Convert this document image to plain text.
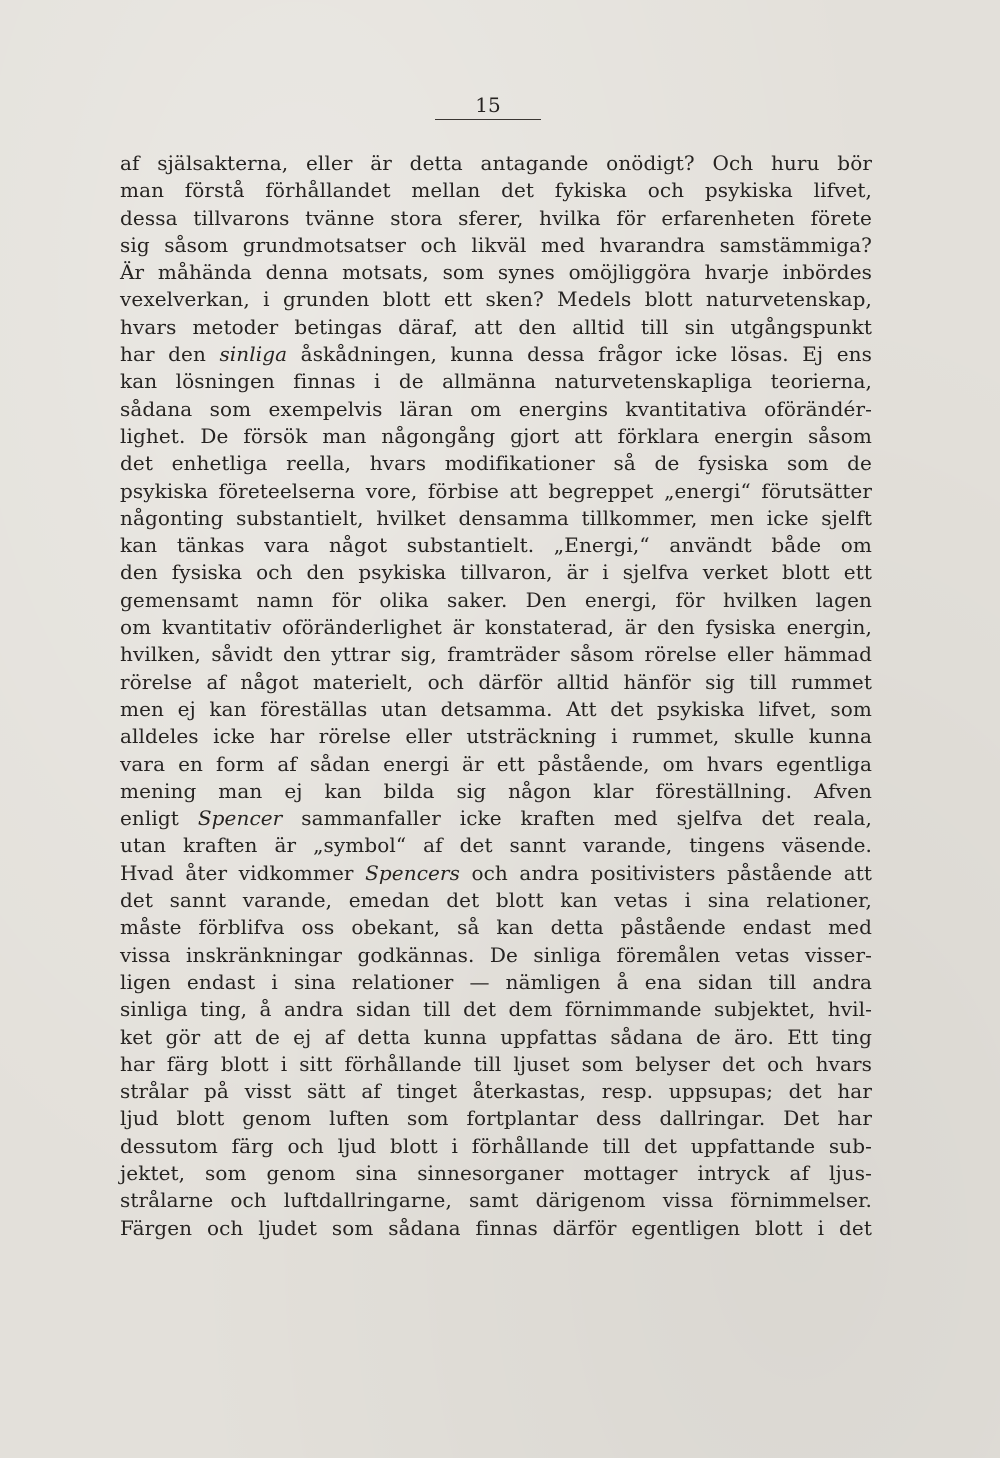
15
af själsakterna, eller är detta antagande onödigt? Och huru bör
man förstå förhållandet mellan det fykiska och psykiska lifvet,
dessa tillvarons tvänne stora sferer, hvilka för erfarenheten förete
sig såsom grundmotsatser och likväl med hvarandra samstämmiga?
Är måhända denna motsats, som synes omöjliggöra hvarje inbördes
vexelverkan, i grunden blott ett sken? Medels blott naturvetenskap,
hvars metoder betingas däraf, att den alltid till sin utgångspunkt
har den sinliga åskådningen, kunna dessa frågor icke lösas. Ej ens
kan lösningen finnas i de allmänna naturvetenskapliga teorierna,
sådana som exempelvis läran om energins kvantitativa oförändér-
lighet. De försök man någongång gjort att förklara energin såsom
det enhetliga reella, hvars modifikationer så de fysiska som de
psykiska företeelserna vore, förbise att begreppet „energi“ förutsätter
någonting substantielt, hvilket densamma tillkommer, men icke sjelft
kan tänkas vara något substantielt. „Energi,“ användt både om
den fysiska och den psykiska tillvaron, är i sjelfva verket blott ett
gemensamt namn för olika saker. Den energi, för hvilken lagen
om kvantitativ oföränderlighet är konstaterad, är den fysiska energin,
hvilken, såvidt den yttrar sig, framträder såsom rörelse eller hämmad
rörelse af något materielt, och därför alltid hänför sig till rummet
men ej kan föreställas utan detsamma. Att det psykiska lifvet, som
alldeles icke har rörelse eller utsträckning i rummet, skulle kunna
vara en form af sådan energi är ett påstående, om hvars egentliga
mening man ej kan bilda sig någon klar föreställning. Afven
enligt Spencer sammanfaller icke kraften med sjelfva det reala,
utan kraften är „symbol“ af det sannt varande, tingens väsende.
Hvad åter vidkommer Spencers och andra positivisters påstående att
det sannt varande, emedan det blott kan vetas i sina relationer,
måste förblifva oss obekant, så kan detta påstående endast med
vissa inskränkningar godkännas. De sinliga föremålen vetas visser-
ligen endast i sina relationer — nämligen å ena sidan till andra
sinliga ting, å andra sidan till det dem förnimmande subjektet, hvil-
ket gör att de ej af detta kunna uppfattas sådana de äro. Ett ting
har färg blott i sitt förhållande till ljuset som belyser det och hvars
strålar på visst sätt af tinget återkastas, resp. uppsupas; det har
ljud blott genom luften som fortplantar dess dallringar. Det har
dessutom färg och ljud blott i förhållande till det uppfattande sub-
jektet, som genom sina sinnesorganer mottager intryck af ljus-
strålarne och luftdallringarne, samt därigenom vissa förnimmelser.
Färgen och ljudet som sådana finnas därför egentligen blott i det
